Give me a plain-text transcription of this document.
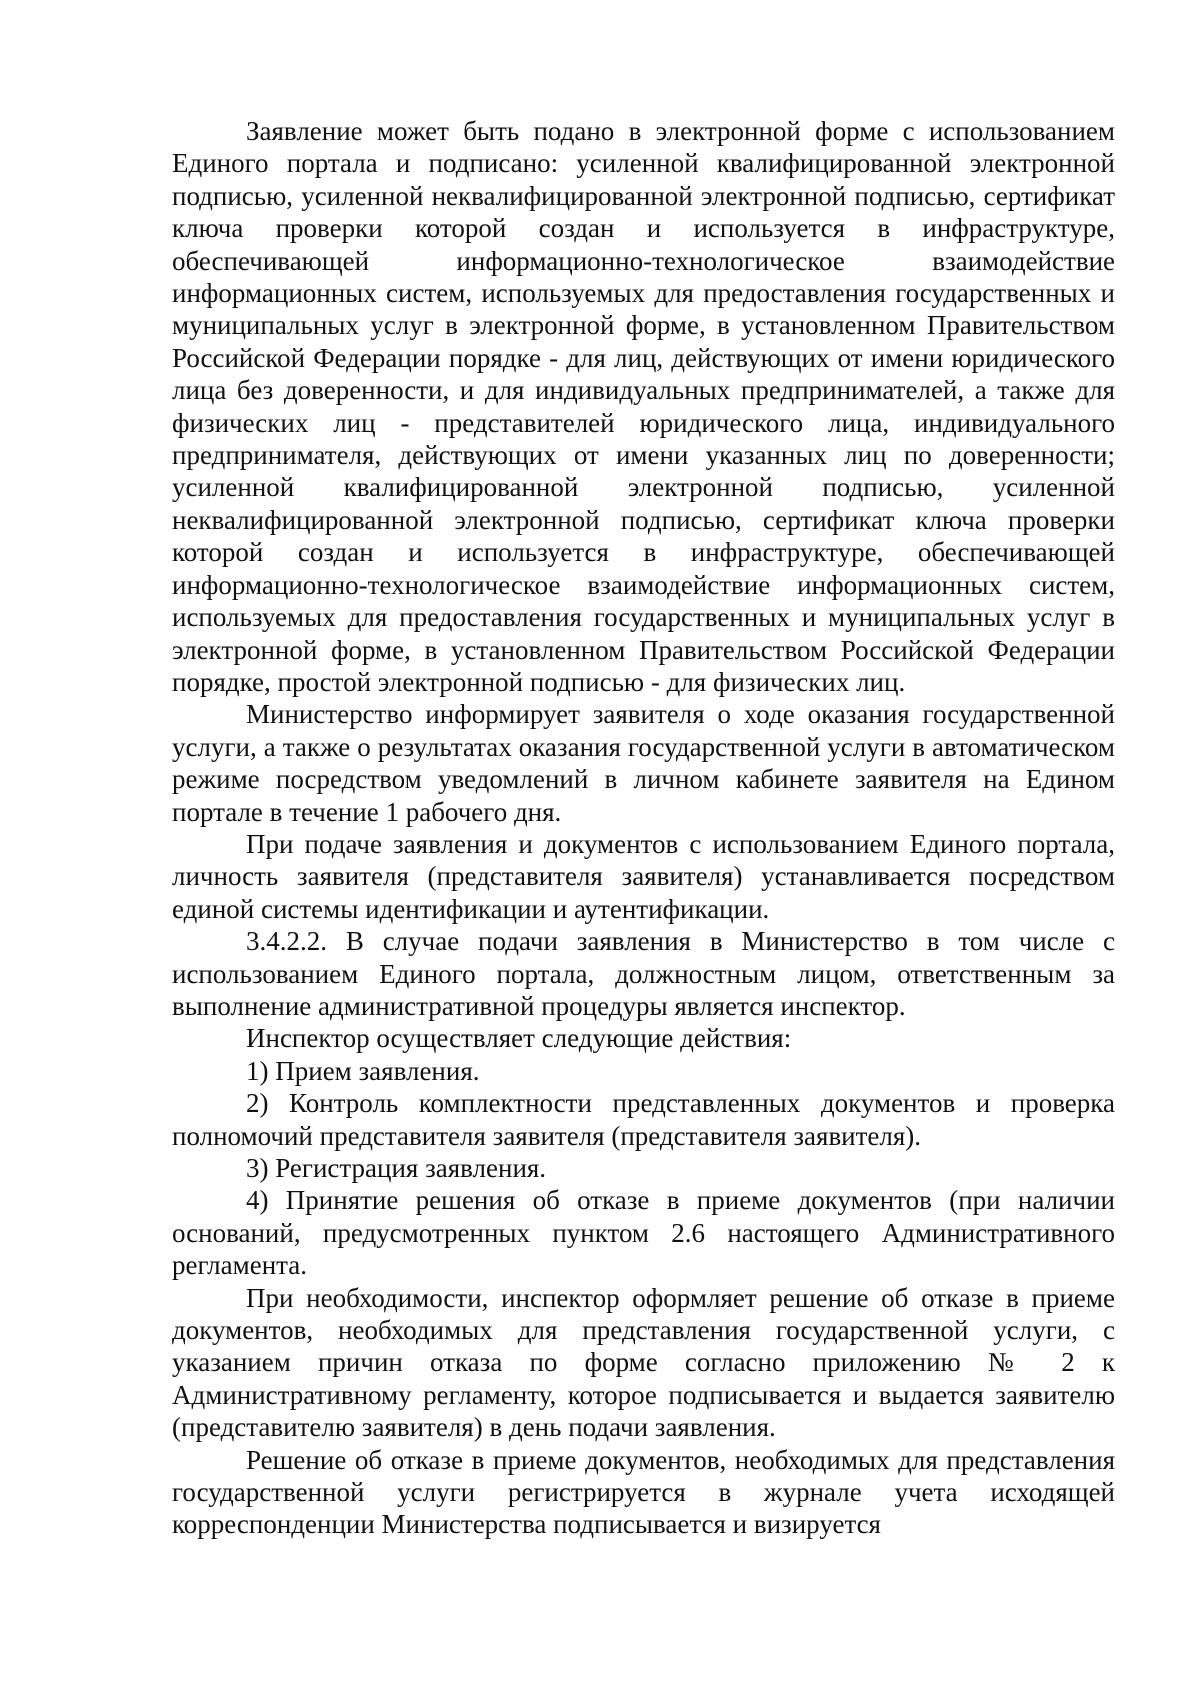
Заявление может быть подано в электронной форме с использованием Единого портала и подписано: усиленной квалифицированной электронной подписью, усиленной неквалифицированной электронной подписью, сертификат ключа проверки которой создан и используется в инфраструктуре, обеспечивающей информационно-технологическое взаимодействие информационных систем, используемых для предоставления государственных и муниципальных услуг в электронной форме, в установленном Правительством Российской Федерации порядке - для лиц, действующих от имени юридического лица без доверенности, и для индивидуальных предпринимателей, а также для физических лиц - представителей юридического лица, индивидуального предпринимателя, действующих от имени указанных лиц по доверенности; усиленной квалифицированной электронной подписью, усиленной неквалифицированной электронной подписью, сертификат ключа проверки которой создан и используется в инфраструктуре, обеспечивающей информационно-технологическое взаимодействие информационных систем, используемых для предоставления государственных и муниципальных услуг в электронной форме, в установленном Правительством Российской Федерации порядке, простой электронной подписью - для физических лиц.

Министерство информирует заявителя о ходе оказания государственной услуги, а также о результатах оказания государственной услуги в автоматическом режиме посредством уведомлений в личном кабинете заявителя на Едином портале в течение 1 рабочего дня.

При подаче заявления и документов с использованием Единого портала, личность заявителя (представителя заявителя) устанавливается посредством единой системы идентификации и аутентификации.

3.4.2.2. В случае подачи заявления в Министерство в том числе с использованием Единого портала, должностным лицом, ответственным за выполнение административной процедуры является инспектор.

Инспектор осуществляет следующие действия:

1) Прием заявления.

2) Контроль комплектности представленных документов и проверка полномочий представителя заявителя (представителя заявителя).

3) Регистрация заявления.

4) Принятие решения об отказе в приеме документов (при наличии оснований, предусмотренных пунктом 2.6 настоящего Административного регламента.

При необходимости, инспектор оформляет решение об отказе в приеме документов, необходимых для представления государственной услуги, с указанием причин отказа по форме согласно приложению № 2 к Административному регламенту, которое подписывается и выдается заявителю (представителю заявителя) в день подачи заявления.

Решение об отказе в приеме документов, необходимых для представления государственной услуги регистрируется в журнале учета исходящей корреспонденции Министерства подписывается и визируется
